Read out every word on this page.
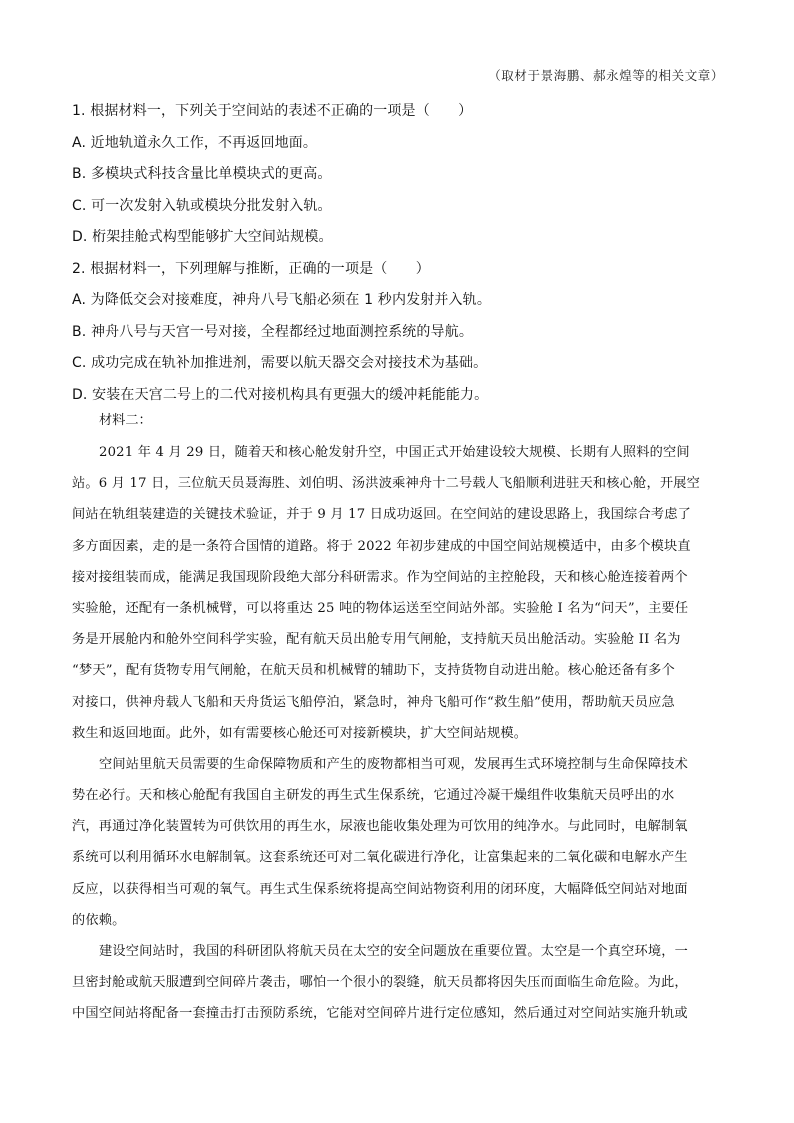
（取材于景海鹏、郝永煌等的相关文章）
1. 根据材料一，下列关于空间站的表述不正确的一项是（　　）
A. 近地轨道永久工作，不再返回地面。
B. 多模块式科技含量比单模块式的更高。
C. 可一次发射入轨或模块分批发射入轨。
D. 桁架挂舱式构型能够扩大空间站规模。
2. 根据材料一，下列理解与推断，正确的一项是（　　）
A. 为降低交会对接难度，神舟八号飞船必须在 1 秒内发射并入轨。
B. 神舟八号与天宫一号对接，全程都经过地面测控系统的导航。
C. 成功完成在轨补加推进剂，需要以航天器交会对接技术为基础。
D. 安装在天宫二号上的二代对接机构具有更强大的缓冲耗能能力。
材料二：
2021 年 4 月 29 日，随着天和核心舱发射升空，中国正式开始建设较大规模、长期有人照料的空间
站。6 月 17 日，三位航天员聂海胜、刘伯明、汤洪波乘神舟十二号载人飞船顺利进驻天和核心舱，开展空
间站在轨组装建造的关键技术验证，并于 9 月 17 日成功返回。在空间站的建设思路上，我国综合考虑了
多方面因素，走的是一条符合国情的道路。将于 2022 年初步建成的中国空间站规模适中，由多个模块直
接对接组装而成，能满足我国现阶段绝大部分科研需求。作为空间站的主控舱段，天和核心舱连接着两个
实验舱，还配有一条机械臂，可以将重达 25 吨的物体运送至空间站外部。实验舱 I 名为“问天”，主要任
务是开展舱内和舱外空间科学实验，配有航天员出舱专用气闸舱，支持航天员出舱活动。实验舱 II 名为
“梦天”，配有货物专用气闸舱，在航天员和机械臂的辅助下，支持货物自动进出舱。核心舱还备有多个
对接口，供神舟载人飞船和天舟货运飞船停泊，紧急时，神舟飞船可作“救生船”使用，帮助航天员应急
救生和返回地面。此外，如有需要核心舱还可对接新模块，扩大空间站规模。
空间站里航天员需要的生命保障物质和产生的废物都相当可观，发展再生式环境控制与生命保障技术
势在必行。天和核心舱配有我国自主研发的再生式生保系统，它通过冷凝干燥组件收集航天员呼出的水
汽，再通过净化装置转为可供饮用的再生水，尿液也能收集处理为可饮用的纯净水。与此同时，电解制氧
系统可以利用循环水电解制氧。这套系统还可对二氧化碳进行净化，让富集起来的二氧化碳和电解水产生
反应，以获得相当可观的氧气。再生式生保系统将提高空间站物资利用的闭环度，大幅降低空间站对地面
的依赖。
建设空间站时，我国的科研团队将航天员在太空的安全问题放在重要位置。太空是一个真空环境，一
旦密封舱或航天服遭到空间碎片袭击，哪怕一个很小的裂缝，航天员都将因失压而面临生命危险。为此，
中国空间站将配备一套撞击打击预防系统，它能对空间碎片进行定位感知，然后通过对空间站实施升轨或
